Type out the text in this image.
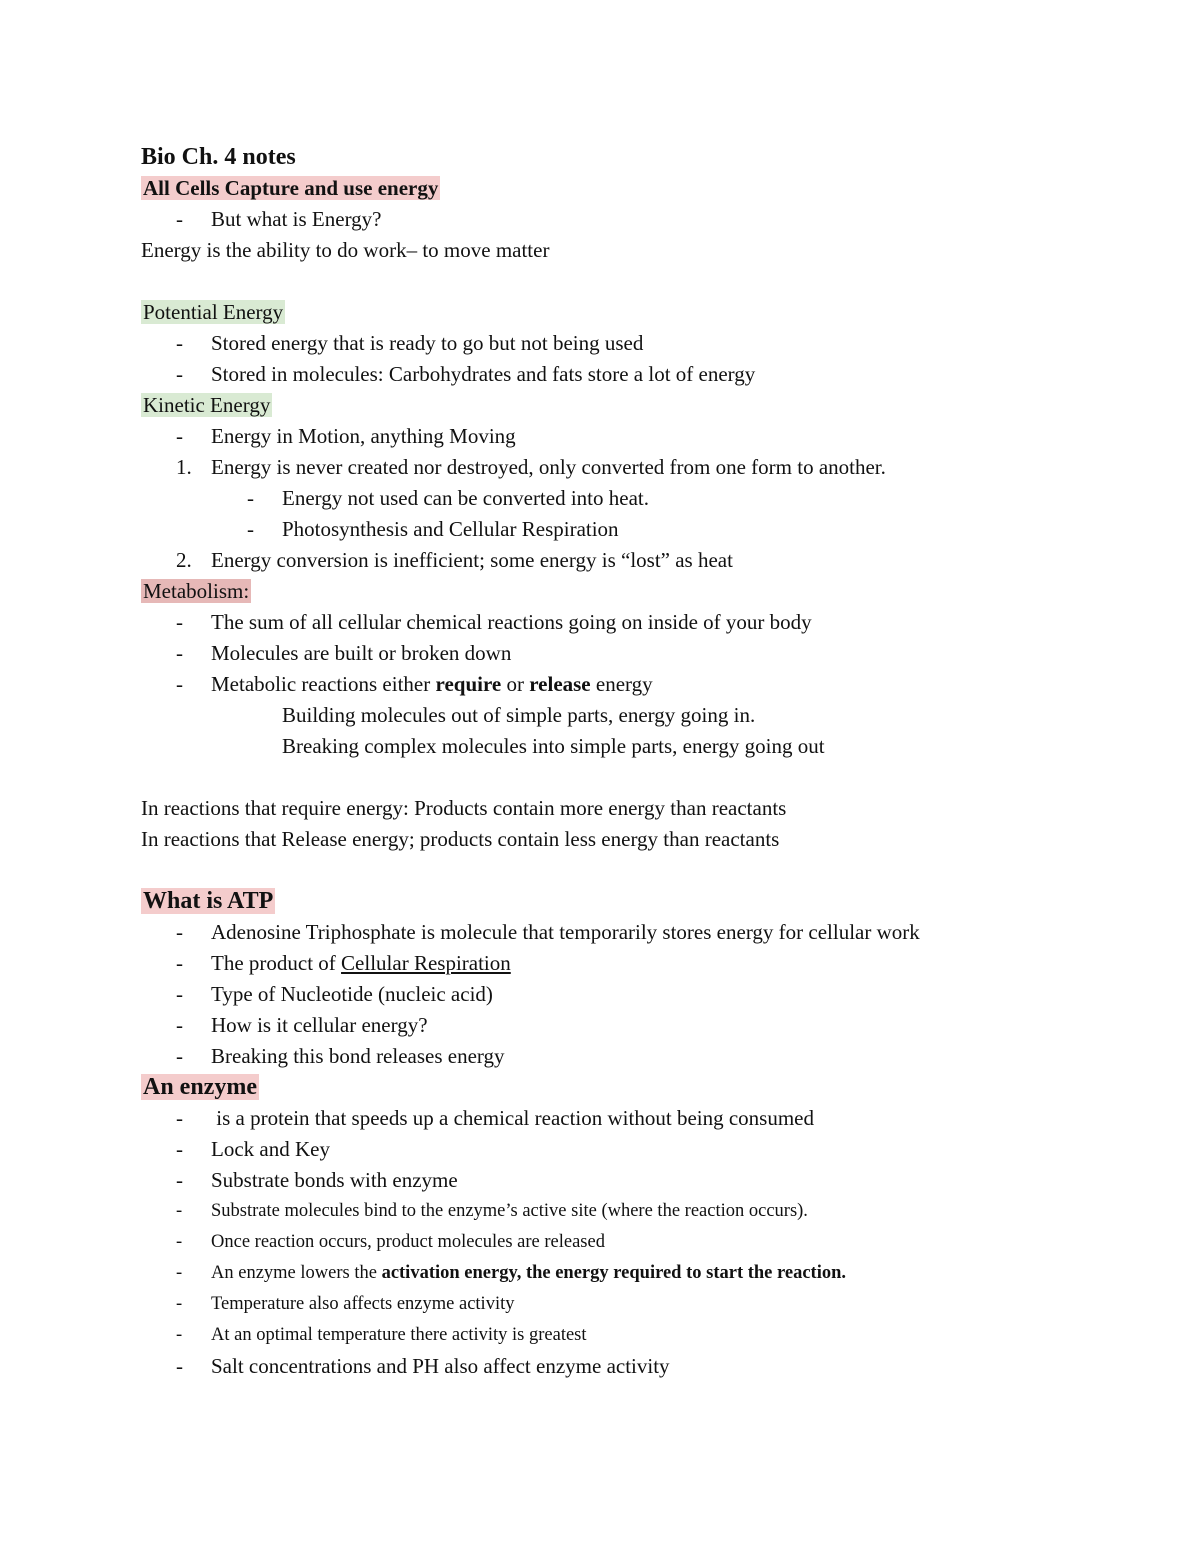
Bio Ch. 4 notes
All Cells Capture and use energy
- But what is Energy?
Energy is the ability to do work– to move matter
Potential Energy
- Stored energy that is ready to go but not being used
- Stored in molecules: Carbohydrates and fats store a lot of energy
Kinetic Energy
- Energy in Motion, anything Moving
1. Energy is never created nor destroyed, only converted from one form to another.
- Energy not used can be converted into heat.
- Photosynthesis and Cellular Respiration
2. Energy conversion is inefficient; some energy is “lost” as heat
Metabolism:
- The sum of all cellular chemical reactions going on inside of your body
- Molecules are built or broken down
- Metabolic reactions either require or release energy
Building molecules out of simple parts, energy going in.
Breaking complex molecules into simple parts, energy going out
In reactions that require energy: Products contain more energy than reactants
In reactions that Release energy; products contain less energy than reactants
What is ATP
- Adenosine Triphosphate is molecule that temporarily stores energy for cellular work
- The product of Cellular Respiration
- Type of Nucleotide (nucleic acid)
- How is it cellular energy?
- Breaking this bond releases energy
An enzyme
- is a protein that speeds up a chemical reaction without being consumed
- Lock and Key
- Substrate bonds with enzyme
- Substrate molecules bind to the enzyme’s active site (where the reaction occurs).
- Once reaction occurs, product molecules are released
- An enzyme lowers the activation energy, the energy required to start the reaction.
- Temperature also affects enzyme activity
- At an optimal temperature there activity is greatest
- Salt concentrations and PH also affect enzyme activity
